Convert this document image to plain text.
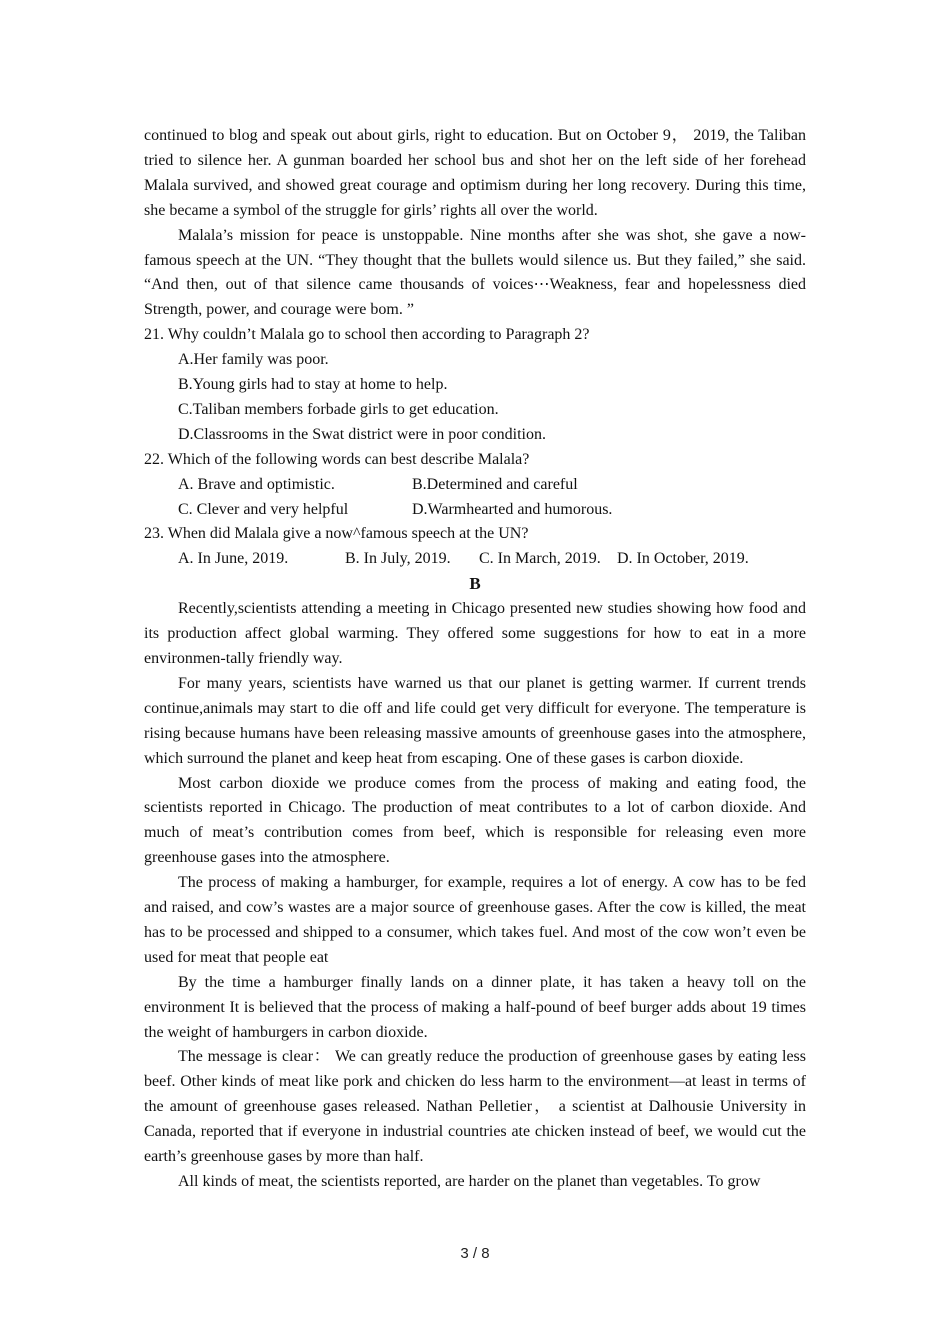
continued to blog and speak out about girls, right to education. But on October 9， 2019, the Taliban tried to silence her. A gunman boarded her school bus and shot her on the left side of her forehead Malala survived, and showed great courage and optimism during her long recovery. During this time, she became a symbol of the struggle for girls’ rights all over the world.

Malala’s mission for peace is unstoppable. Nine months after she was shot, she gave a now-famous speech at the UN. “They thought that the bullets would silence us. But they failed,” she said. “And then, out of that silence came thousands of voices⋯Weakness, fear and hopelessness died Strength, power, and courage were bom. ”

21. Why couldn’t Malala go to school then according to Paragraph 2?

A.Her family was poor.

B.Young girls had to stay at home to help.

C.Taliban members forbade girls to get education.

D.Classrooms in the Swat district were in poor condition.

22. Which of the following words can best describe Malala?

A. Brave and optimistic.	B.Determined and careful
C. Clever and very helpful	D.Warmhearted and humorous.

23. When did Malala give a now^famous speech at the UN?

A. In June, 2019.	B. In July, 2019. C. In March, 2019. D. In October, 2019.

B

Recently,scientists attending a meeting in Chicago presented new studies showing how food and its production affect global warming. They offered some suggestions for how to eat in a more environmen-tally friendly way.

For many years, scientists have warned us that our planet is getting warmer. If current trends continue,animals may start to die off and life could get very difficult for everyone. The temperature is rising because humans have been releasing massive amounts of greenhouse gases into the atmosphere, which surround the planet and keep heat from escaping. One of these gases is carbon dioxide.

Most carbon dioxide we produce comes from the process of making and eating food, the scientists reported in Chicago. The production of meat contributes to a lot of carbon dioxide. And much of meat’s contribution comes from beef, which is responsible for releasing even more greenhouse gases into the atmosphere.

The process of making a hamburger, for example, requires a lot of energy. A cow has to be fed and raised, and cow’s wastes are a major source of greenhouse gases. After the cow is killed, the meat has to be processed and shipped to a consumer, which takes fuel. And most of the cow won’t even be used for meat that people eat

By the time a hamburger finally lands on a dinner plate, it has taken a heavy toll on the environment It is believed that the process of making a half-pound of beef burger adds about 19 times the weight of hamburgers in carbon dioxide.

The message is clear： We can greatly reduce the production of greenhouse gases by eating less beef. Other kinds of meat like pork and chicken do less harm to the environment—at least in terms of the amount of greenhouse gases released. Nathan Pelletier， a scientist at Dalhousie University in Canada, reported that if everyone in industrial countries ate chicken instead of beef, we would cut the earth’s greenhouse gases by more than half.

All kinds of meat, the scientists reported, are harder on the planet than vegetables. To grow

3 / 8
